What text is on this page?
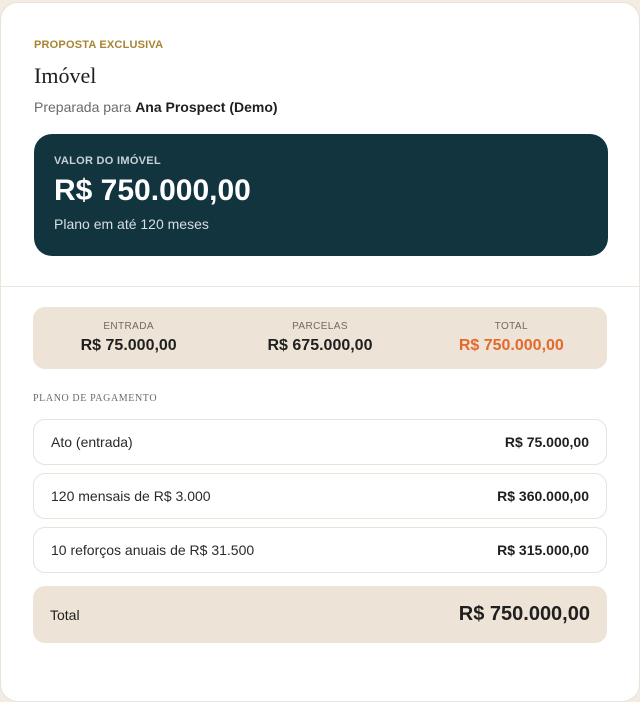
PROPOSTA EXCLUSIVA
Imóvel
Preparada para Ana Prospect (Demo)
VALOR DO IMÓVEL
R$ 750.000,00
Plano em até 120 meses
ENTRADA
R$ 75.000,00
PARCELAS
R$ 675.000,00
TOTAL
R$ 750.000,00
PLANO DE PAGAMENTO
Ato (entrada)	R$ 75.000,00
120 mensais de R$ 3.000	R$ 360.000,00
10 reforços anuais de R$ 31.500	R$ 315.000,00
Total	R$ 750.000,00
